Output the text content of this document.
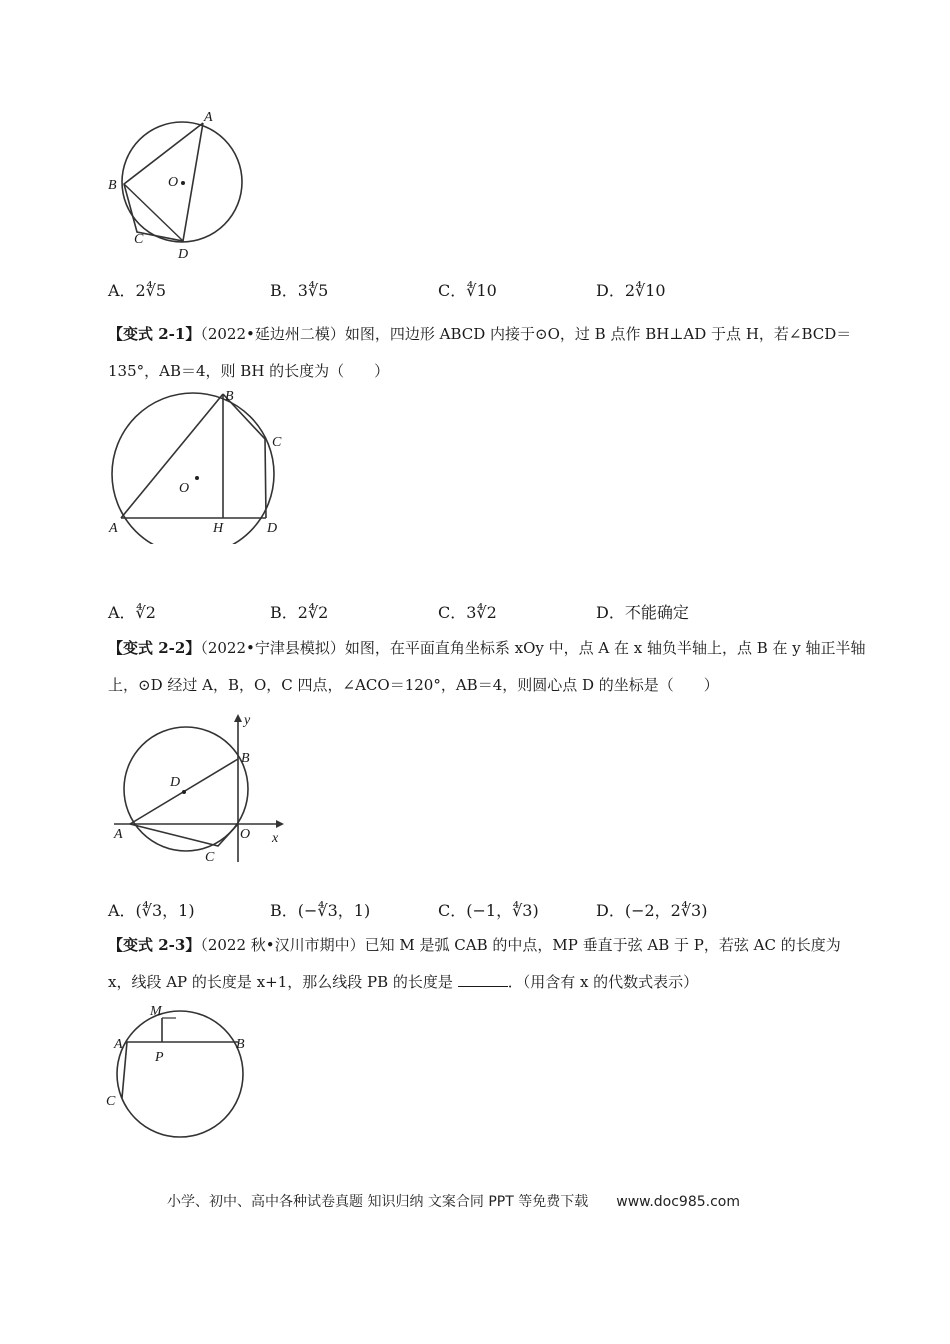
A
B
C
D
O
A．2∜5	B．3∜5	C．∜10	D．2∜10
【变式 2-1】（2022•延边州二模）如图，四边形 ABCD 内接于⊙O，过 B 点作 BH⊥AD 于点 H，若∠BCD＝135°，AB＝4，则 BH 的长度为（　　）
A
B
C
D
H
O
A．∜2	B．2∜2	C．3∜2	D．不能确定
【变式 2-2】（2022•宁津县模拟）如图，在平面直角坐标系 xOy 中，点 A 在 x 轴负半轴上，点 B 在 y 轴正半轴上，⊙D 经过 A，B，O，C 四点，∠ACO＝120°，AB＝4，则圆心点 D 的坐标是（　　）
y
x
B
D
A	O
C
A．(∜3，1)	B．(−∜3，1)	C．(−1，∜3)	D．(−2，2∜3)
【变式 2-3】（2022 秋•汉川市期中）已知 M 是弧 CAB 的中点，MP 垂直于弦 AB 于 P，若弦 AC 的长度为 x，线段 AP 的长度是 x+1，那么线段 PB 的长度是	．（用含有 x 的代数式表示）
M
A	B
P
C
小学、初中、高中各种试卷真题 知识归纳 文案合同 PPT 等免费下载 www.doc985.com
